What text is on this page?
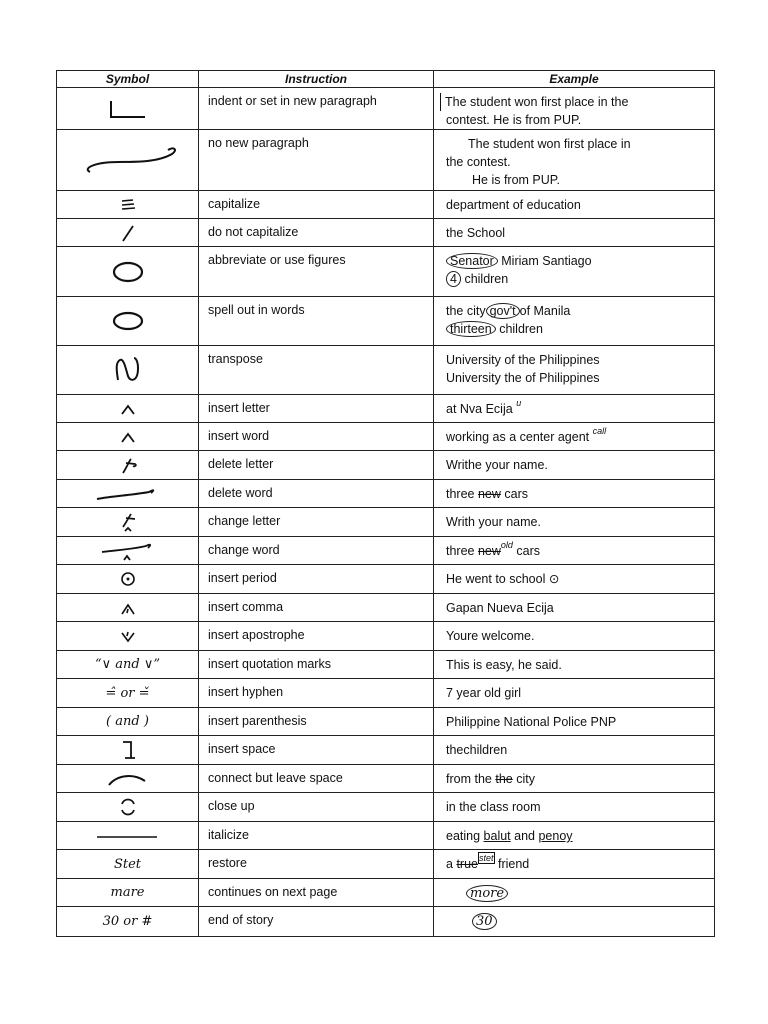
Symbol	Instruction	Example

	indent or set in new paragraph	The student won first place in the
contest. He is from PUP.

	no new paragraph	The student won first place in
the contest.
He is from PUP.

	capitalize	department of education

	do not capitalize	the School

	abbreviate or use figures	Senator Miriam Santiago
4 children

	spell out in words	the city gov't of Manila
thirteen children

	transpose	University of the Philippines
University the of Philippines

	insert letter	at Nva Ecija $^u$

	insert word	working as a center agent $^{call}$

	delete letter	Writhe your name.

	delete word	three new cars

	change letter	Writh your name.

	change word	three new$^{old}$ cars

	insert period	He went to school ⊙

	insert comma	Gapan Nueva Ecija

	insert apostrophe	Youre welcome.

“∨ and ∨”	insert quotation marks	This is easy, he said.

=̂ or =̌	insert hyphen	7 year old girl

( and )	insert parenthesis	Philippine National Police PNP

	insert space	thechildren

	connect but leave space	from the the city

	close up	in the class room

	italicize	eating balut and penoy

Stet	restore	a true$^{stet}$ friend

mare	continues on next page	more

30 or #	end of story	30
